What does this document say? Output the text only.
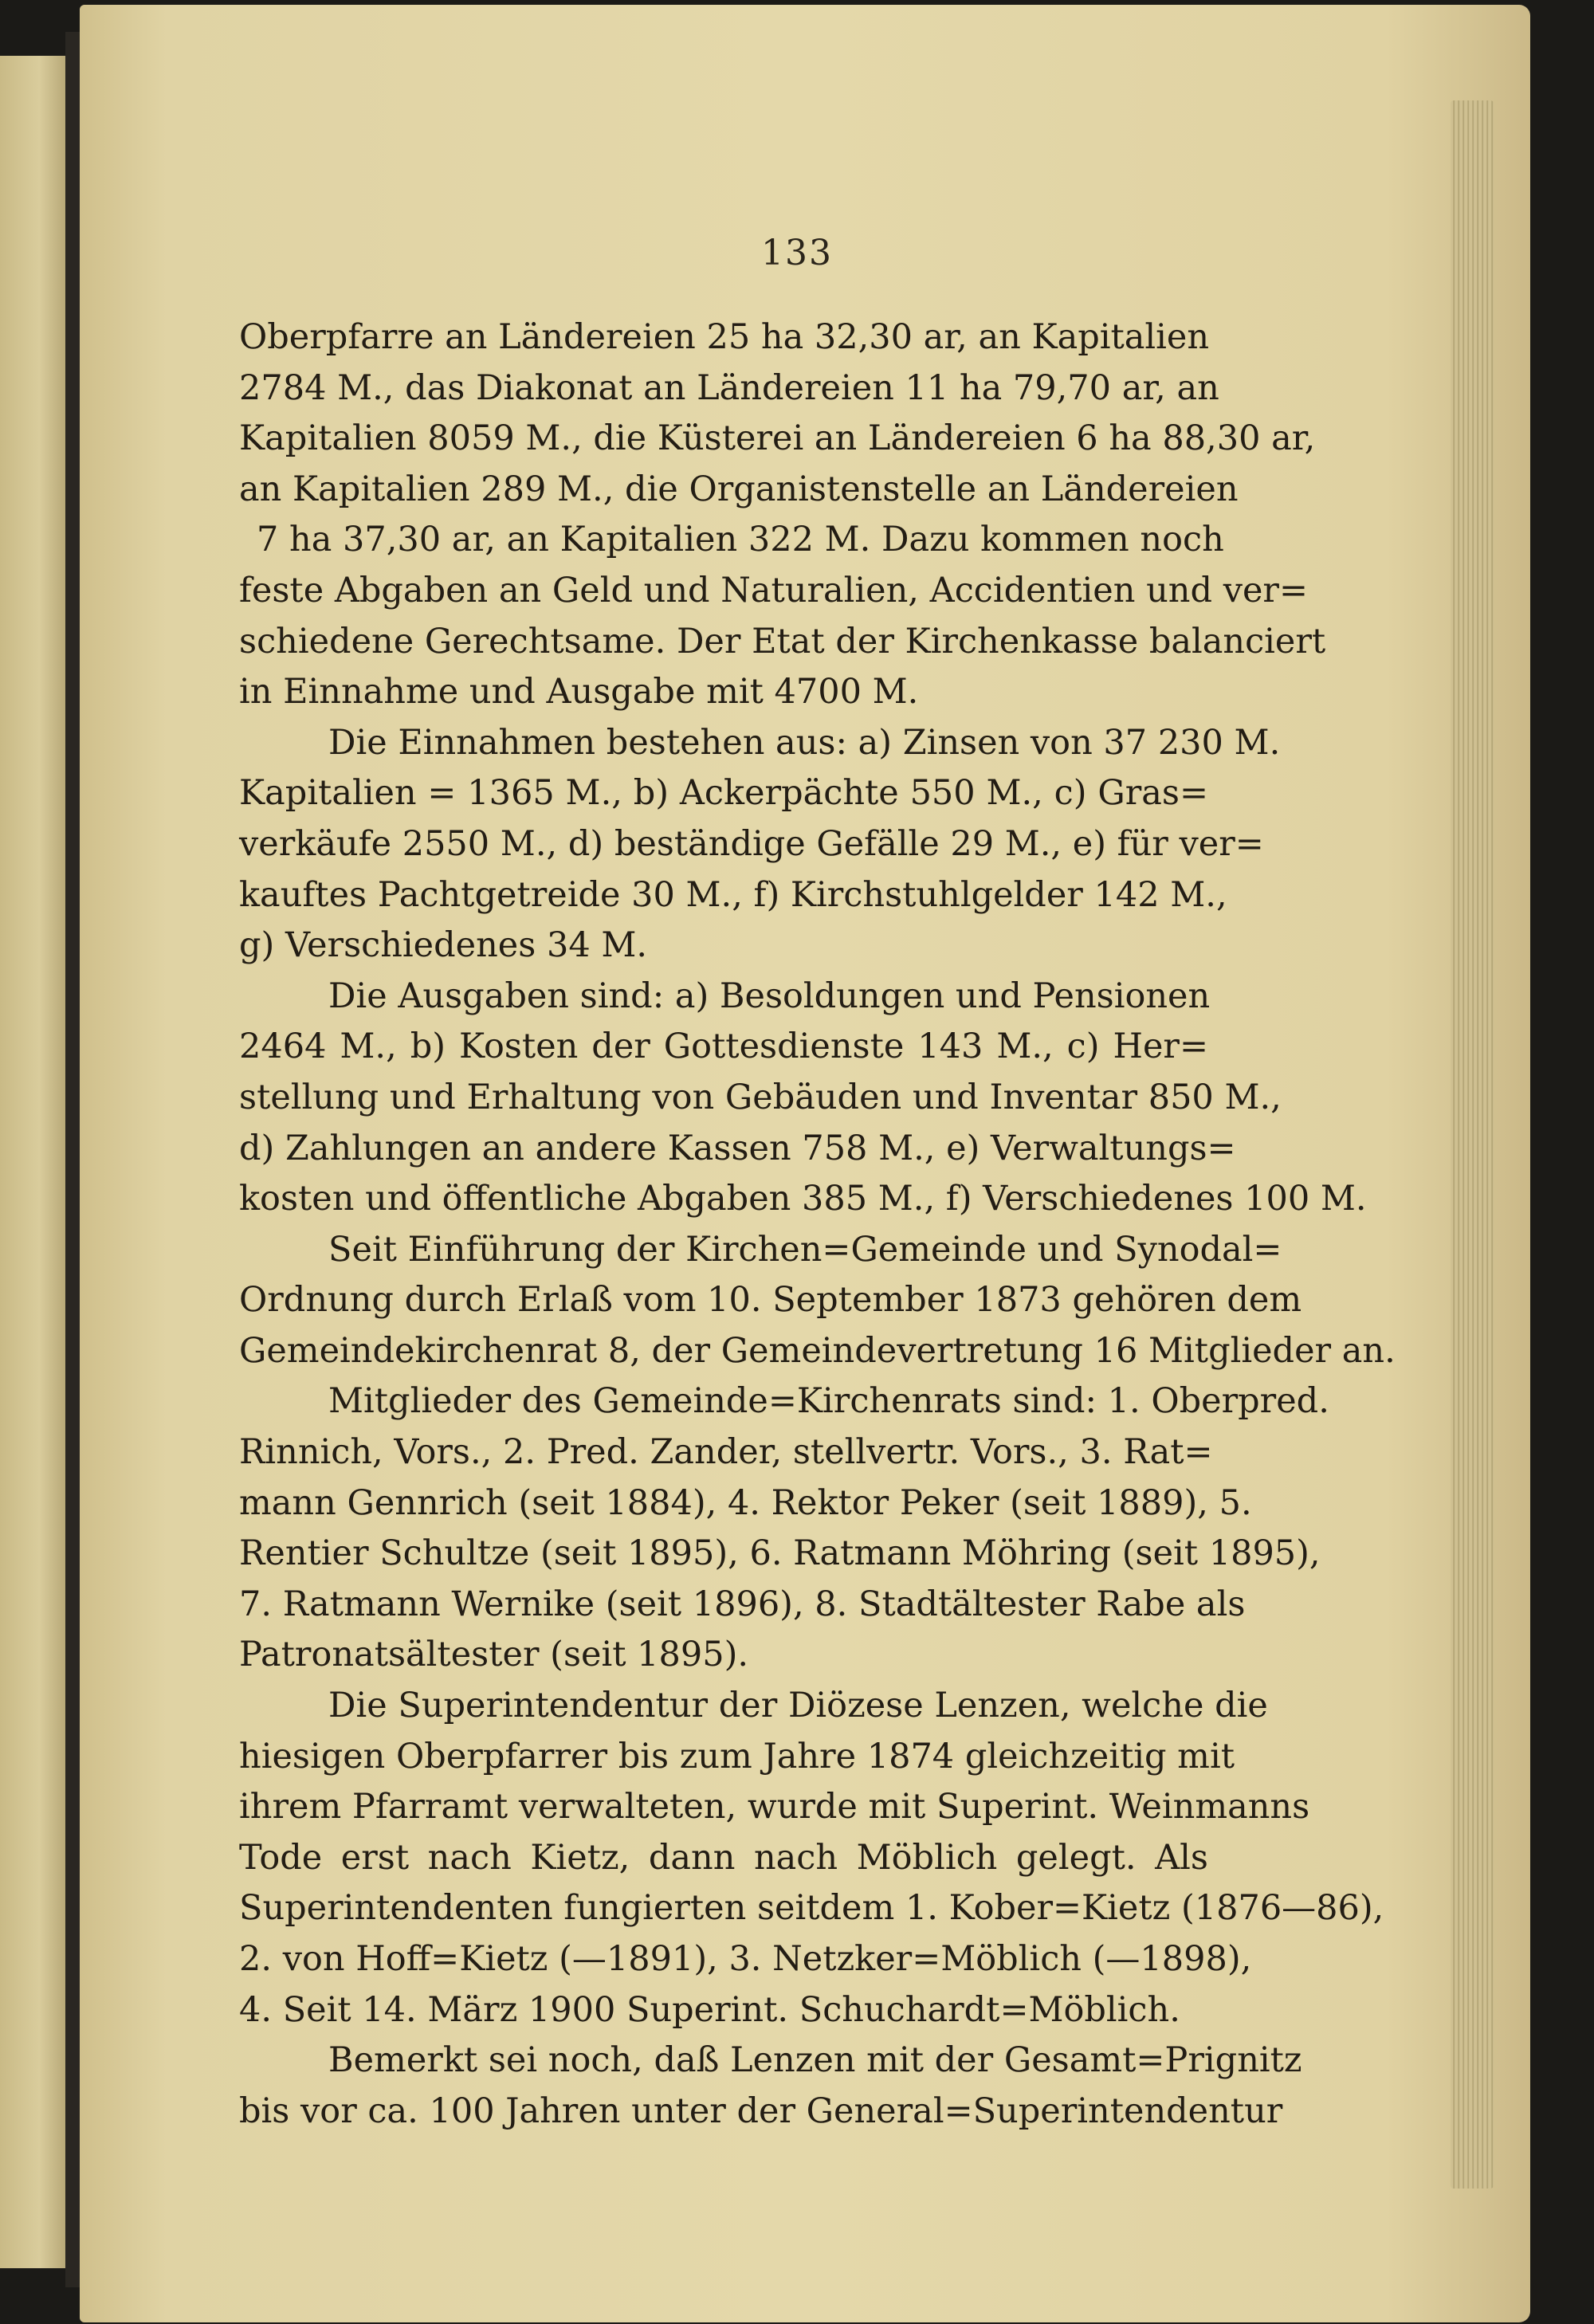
133
Oberpfarre an Ländereien 25 ha 32,30 ar, an Kapitalien
2784 M., das Diakonat an Ländereien 11 ha 79,70 ar, an
Kapitalien 8059 M., die Küsterei an Ländereien 6 ha 88,30 ar,
an Kapitalien 289 M., die Organistenstelle an Ländereien
7 ha 37,30 ar, an Kapitalien 322 M. Dazu kommen noch
feste Abgaben an Geld und Naturalien, Accidentien und ver=
schiedene Gerechtsame. Der Etat der Kirchenkasse balanciert
in Einnahme und Ausgabe mit 4700 M.
Die Einnahmen bestehen aus: a) Zinsen von 37 230 M.
Kapitalien = 1365 M., b) Ackerpächte 550 M., c) Gras=
verkäufe 2550 M., d) beständige Gefälle 29 M., e) für ver=
kauftes Pachtgetreide 30 M., f) Kirchstuhlgelder 142 M.,
g) Verschiedenes 34 M.
Die Ausgaben sind: a) Besoldungen und Pensionen
2464 M., b) Kosten der Gottesdienste 143 M., c) Her=
stellung und Erhaltung von Gebäuden und Inventar 850 M.,
d) Zahlungen an andere Kassen 758 M., e) Verwaltungs=
kosten und öffentliche Abgaben 385 M., f) Verschiedenes 100 M.
Seit Einführung der Kirchen=Gemeinde und Synodal=
Ordnung durch Erlaß vom 10. September 1873 gehören dem
Gemeindekirchenrat 8, der Gemeindevertretung 16 Mitglieder an.
Mitglieder des Gemeinde=Kirchenrats sind: 1. Oberpred.
Rinnich, Vors., 2. Pred. Zander, stellvertr. Vors., 3. Rat=
mann Gennrich (seit 1884), 4. Rektor Peker (seit 1889), 5.
Rentier Schultze (seit 1895), 6. Ratmann Möhring (seit 1895),
7. Ratmann Wernike (seit 1896), 8. Stadtältester Rabe als
Patronatsältester (seit 1895).
Die Superintendentur der Diözese Lenzen, welche die
hiesigen Oberpfarrer bis zum Jahre 1874 gleichzeitig mit
ihrem Pfarramt verwalteten, wurde mit Superint. Weinmanns
Tode erst nach Kietz, dann nach Möblich gelegt. Als
Superintendenten fungierten seitdem 1. Kober=Kietz (1876—86),
2. von Hoff=Kietz (—1891), 3. Netzker=Möblich (—1898),
4. Seit 14. März 1900 Superint. Schuchardt=Möblich.
Bemerkt sei noch, daß Lenzen mit der Gesamt=Prignitz
bis vor ca. 100 Jahren unter der General=Superintendentur
